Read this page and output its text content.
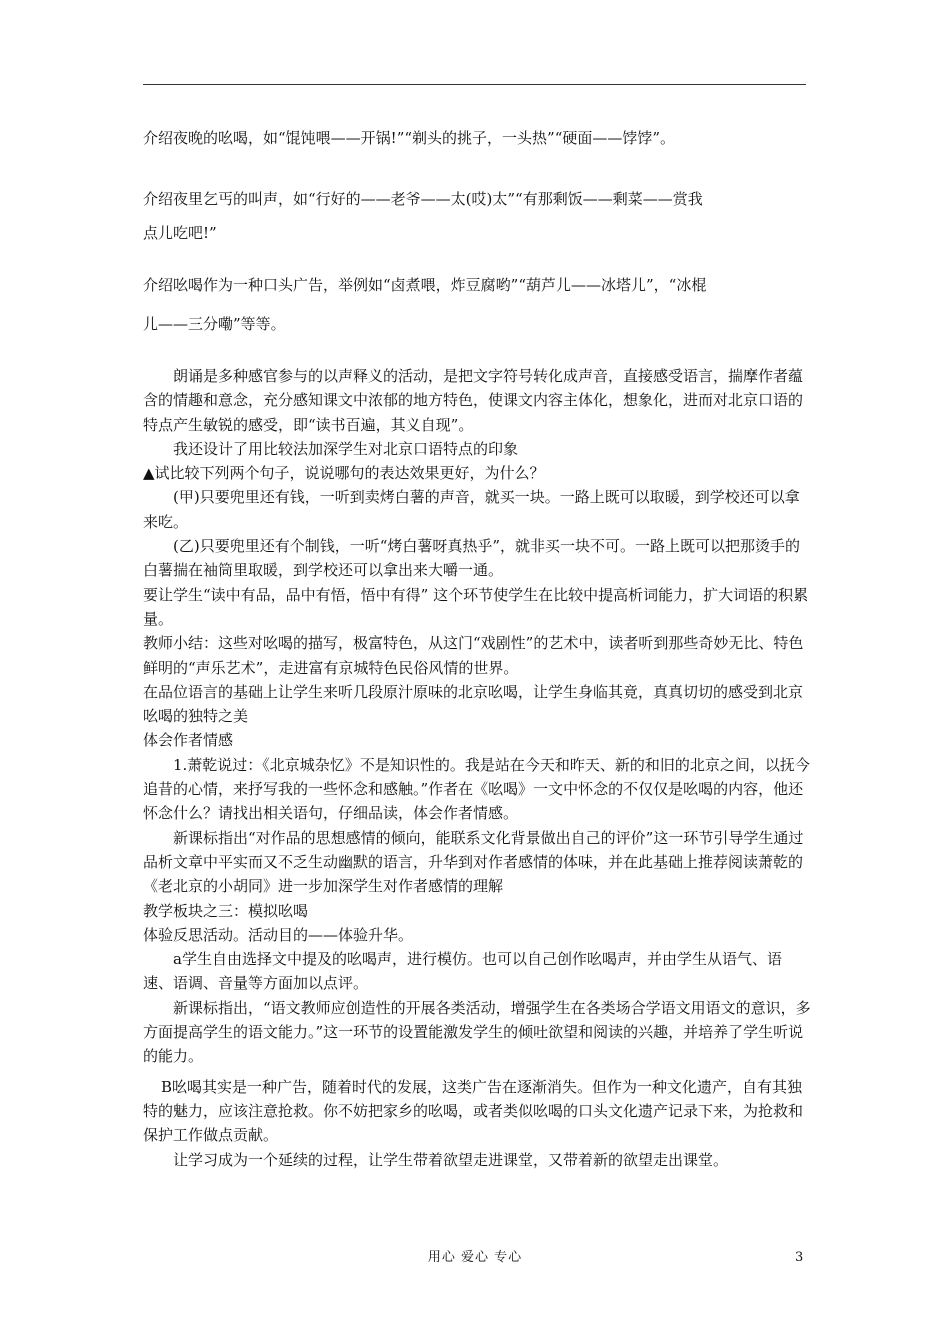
介绍夜晚的吆喝，如“馄饨喂——开锅!”“剃头的挑子，一头热”“硬面——饽饽”。

介绍夜里乞丐的叫声，如“行好的——老爷——太(哎)太”“有那剩饭——剩菜——赏我

点儿吃吧!”

介绍吆喝作为一种口头广告，举例如“卤煮喂，炸豆腐哟”“葫芦儿——冰塔儿”，“冰棍

儿——三分嘞”等等。

朗诵是多种感官参与的以声释义的活动，是把文字符号转化成声音，直接感受语言，揣摩作者蕴含的情趣和意念，充分感知课文中浓郁的地方特色，使课文内容主体化，想象化，进而对北京口语的特点产生敏锐的感受，即“读书百遍，其义自现”。

我还设计了用比较法加深学生对北京口语特点的印象

▲试比较下列两个句子，说说哪句的表达效果更好，为什么？

(甲)只要兜里还有钱，一听到卖烤白薯的声音，就买一块。一路上既可以取暖，到学校还可以拿来吃。

(乙)只要兜里还有个制钱，一听“烤白薯呀真热乎”，就非买一块不可。一路上既可以把那烫手的白薯揣在袖筒里取暖，到学校还可以拿出来大嚼一通。

要让学生“读中有品，品中有悟，悟中有得” 这个环节使学生在比较中提高析词能力，扩大词语的积累量。

教师小结：这些对吆喝的描写，极富特色，从这门“戏剧性”的艺术中，读者听到那些奇妙无比、特色鲜明的“声乐艺术”，走进富有京城特色民俗风情的世界。

在品位语言的基础上让学生来听几段原汁原味的北京吆喝，让学生身临其竟，真真切切的感受到北京吆喝的独特之美

体会作者情感

1.萧乾说过：《北京城杂忆》不是知识性的。我是站在今天和昨天、新的和旧的北京之间，以抚今追昔的心情，来抒写我的一些怀念和感触。”作者在《吆喝》一文中怀念的不仅仅是吆喝的内容，他还怀念什么？请找出相关语句，仔细品读，体会作者情感。

新课标指出“对作品的思想感情的倾向，能联系文化背景做出自己的评价”这一环节引导学生通过品析文章中平实而又不乏生动幽默的语言，升华到对作者感情的体味，并在此基础上推荐阅读萧乾的《老北京的小胡同》进一步加深学生对作者感情的理解

教学板块之三：模拟吆喝

体验反思活动。活动目的——体验升华。

a学生自由选择文中提及的吆喝声，进行模仿。也可以自己创作吆喝声，并由学生从语气、语速、语调、音量等方面加以点评。

新课标指出，“语文教师应创造性的开展各类活动，增强学生在各类场合学语文用语文的意识，多方面提高学生的语文能力。”这一环节的设置能激发学生的倾吐欲望和阅读的兴趣，并培养了学生听说的能力。

B吆喝其实是一种广告，随着时代的发展，这类广告在逐渐消失。但作为一种文化遗产，自有其独特的魅力，应该注意抢救。你不妨把家乡的吆喝，或者类似吆喝的口头文化遗产记录下来，为抢救和保护工作做点贡献。

让学习成为一个延续的过程，让学生带着欲望走进课堂，又带着新的欲望走出课堂。

用心 爱心 专心	3
